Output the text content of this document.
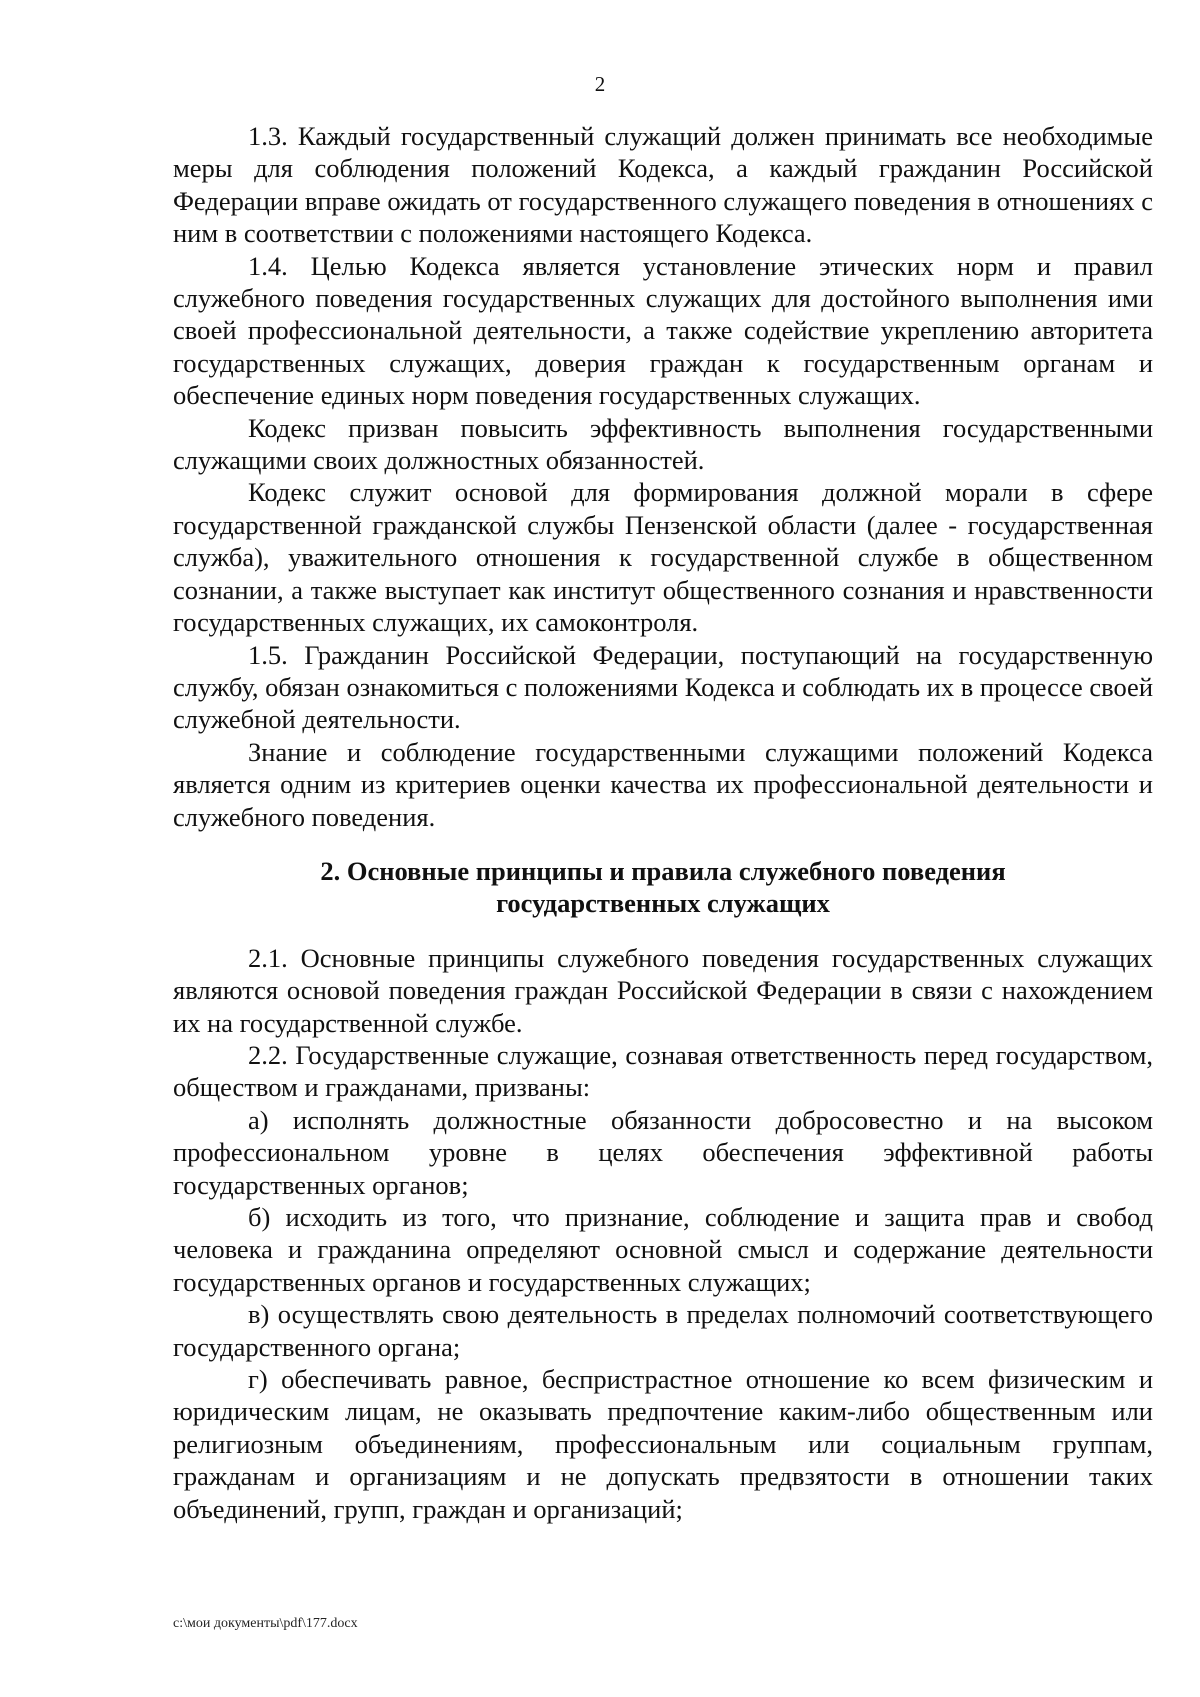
2

1.3. Каждый государственный служащий должен принимать все необходимые меры для соблюдения положений Кодекса, а каждый гражданин Российской Федерации вправе ожидать от государственного служащего поведения в отношениях с ним в соответствии с положениями настоящего Кодекса.

1.4. Целью Кодекса является установление этических норм и правил служебного поведения государственных служащих для достойного выполнения ими своей профессиональной деятельности, а также содействие укреплению авторитета государственных служащих, доверия граждан к государственным органам и обеспечение единых норм поведения государственных служащих.

Кодекс призван повысить эффективность выполнения государственными служащими своих должностных обязанностей.

Кодекс служит основой для формирования должной морали в сфере государственной гражданской службы Пензенской области (далее - государственная служба), уважительного отношения к государственной службе в общественном сознании, а также выступает как институт общественного сознания и нравственности государственных служащих, их самоконтроля.

1.5. Гражданин Российской Федерации, поступающий на государственную службу, обязан ознакомиться с положениями Кодекса и соблюдать их в процессе своей служебной деятельности.

Знание и соблюдение государственными служащими положений Кодекса является одним из критериев оценки качества их профессиональной деятельности и служебного поведения.

2. Основные принципы и правила служебного поведения
государственных служащих

2.1. Основные принципы служебного поведения государственных служащих являются основой поведения граждан Российской Федерации в связи с нахождением их на государственной службе.

2.2. Государственные служащие, сознавая ответственность перед государством, обществом и гражданами, призваны:

а) исполнять должностные обязанности добросовестно и на высоком профессиональном уровне в целях обеспечения эффективной работы государственных органов;

б) исходить из того, что признание, соблюдение и защита прав и свобод человека и гражданина определяют основной смысл и содержание деятельности государственных органов и государственных служащих;

в) осуществлять свою деятельность в пределах полномочий соответствующего государственного органа;

г) обеспечивать равное, беспристрастное отношение ко всем физическим и юридическим лицам, не оказывать предпочтение каким-либо общественным или религиозным объединениям, профессиональным или социальным группам, гражданам и организациям и не допускать предвзятости в отношении таких объединений, групп, граждан и организаций;

c:\мои документы\pdf\177.docx
